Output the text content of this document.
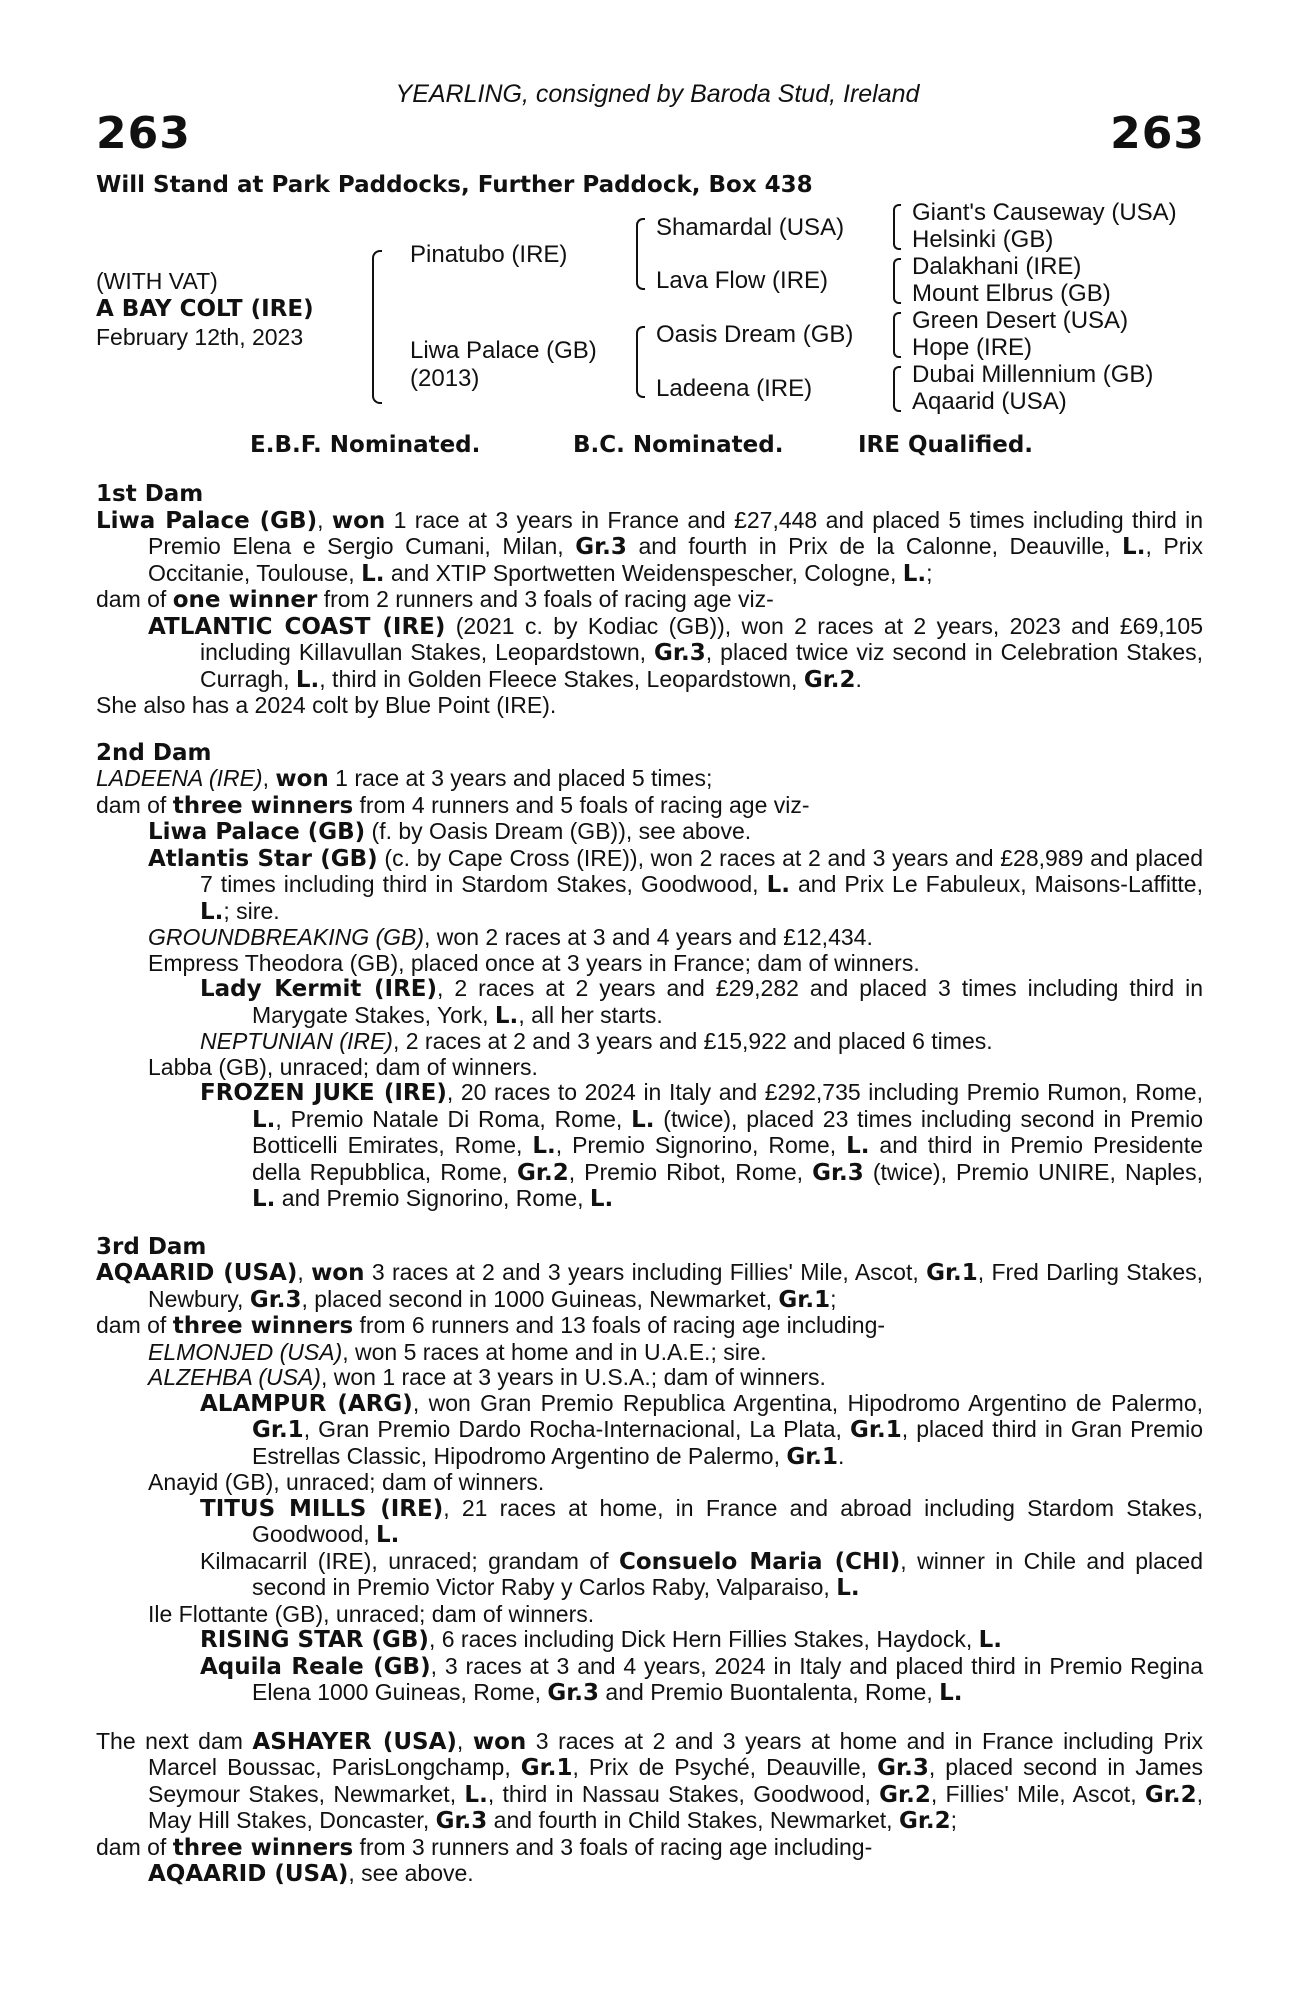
YEARLING, consigned by Baroda Stud, Ireland
263	263
Will Stand at Park Paddocks, Further Paddock, Box 438
(WITH VAT)
A BAY COLT (IRE)
February 12th, 2023
Pinatubo (IRE)
Liwa Palace (GB)
(2013)
Shamardal (USA)
Lava Flow (IRE)
Oasis Dream (GB)
Ladeena (IRE)
Giant's Causeway (USA)
Helsinki (GB)
Dalakhani (IRE)
Mount Elbrus (GB)
Green Desert (USA)
Hope (IRE)
Dubai Millennium (GB)
Aqaarid (USA)
E.B.F. Nominated.	B.C. Nominated.	IRE Qualified.

1st Dam

Liwa Palace (GB), won 1 race at 3 years in France and £27,448 and placed 5 times including third in Premio Elena e Sergio Cumani, Milan, Gr.3 and fourth in Prix de la Calonne, Deauville, L., Prix Occitanie, Toulouse, L. and XTIP Sportwetten Weidenspescher, Cologne, L.;

dam of one winner from 2 runners and 3 foals of racing age viz-

ATLANTIC COAST (IRE) (2021 c. by Kodiac (GB)), won 2 races at 2 years, 2023 and £69,105 including Killavullan Stakes, Leopardstown, Gr.3, placed twice viz second in Celebration Stakes, Curragh, L., third in Golden Fleece Stakes, Leopardstown, Gr.2.

She also has a 2024 colt by Blue Point (IRE).

2nd Dam

LADEENA (IRE), won 1 race at 3 years and placed 5 times;

dam of three winners from 4 runners and 5 foals of racing age viz-

Liwa Palace (GB) (f. by Oasis Dream (GB)), see above.

Atlantis Star (GB) (c. by Cape Cross (IRE)), won 2 races at 2 and 3 years and £28,989 and placed 7 times including third in Stardom Stakes, Goodwood, L. and Prix Le Fabuleux, Maisons-Laffitte, L.; sire.

GROUNDBREAKING (GB), won 2 races at 3 and 4 years and £12,434.

Empress Theodora (GB), placed once at 3 years in France; dam of winners.

Lady Kermit (IRE), 2 races at 2 years and £29,282 and placed 3 times including third in Marygate Stakes, York, L., all her starts.

NEPTUNIAN (IRE), 2 races at 2 and 3 years and £15,922 and placed 6 times.

Labba (GB), unraced; dam of winners.

FROZEN JUKE (IRE), 20 races to 2024 in Italy and £292,735 including Premio Rumon, Rome, L., Premio Natale Di Roma, Rome, L. (twice), placed 23 times including second in Premio Botticelli Emirates, Rome, L., Premio Signorino, Rome, L. and third in Premio Presidente della Repubblica, Rome, Gr.2, Premio Ribot, Rome, Gr.3 (twice), Premio UNIRE, Naples, L. and Premio Signorino, Rome, L.

3rd Dam

AQAARID (USA), won 3 races at 2 and 3 years including Fillies' Mile, Ascot, Gr.1, Fred Darling Stakes, Newbury, Gr.3, placed second in 1000 Guineas, Newmarket, Gr.1;

dam of three winners from 6 runners and 13 foals of racing age including-

ELMONJED (USA), won 5 races at home and in U.A.E.; sire.

ALZEHBA (USA), won 1 race at 3 years in U.S.A.; dam of winners.

ALAMPUR (ARG), won Gran Premio Republica Argentina, Hipodromo Argentino de Palermo, Gr.1, Gran Premio Dardo Rocha-Internacional, La Plata, Gr.1, placed third in Gran Premio Estrellas Classic, Hipodromo Argentino de Palermo, Gr.1.

Anayid (GB), unraced; dam of winners.

TITUS MILLS (IRE), 21 races at home, in France and abroad including Stardom Stakes, Goodwood, L.

Kilmacarril (IRE), unraced; grandam of Consuelo Maria (CHI), winner in Chile and placed second in Premio Victor Raby y Carlos Raby, Valparaiso, L.

Ile Flottante (GB), unraced; dam of winners.

RISING STAR (GB), 6 races including Dick Hern Fillies Stakes, Haydock, L.

Aquila Reale (GB), 3 races at 3 and 4 years, 2024 in Italy and placed third in Premio Regina Elena 1000 Guineas, Rome, Gr.3 and Premio Buontalenta, Rome, L.

The next dam ASHAYER (USA), won 3 races at 2 and 3 years at home and in France including Prix Marcel Boussac, ParisLongchamp, Gr.1, Prix de Psyché, Deauville, Gr.3, placed second in James Seymour Stakes, Newmarket, L., third in Nassau Stakes, Goodwood, Gr.2, Fillies' Mile, Ascot, Gr.2, May Hill Stakes, Doncaster, Gr.3 and fourth in Child Stakes, Newmarket, Gr.2;

dam of three winners from 3 runners and 3 foals of racing age including-

AQAARID (USA), see above.
